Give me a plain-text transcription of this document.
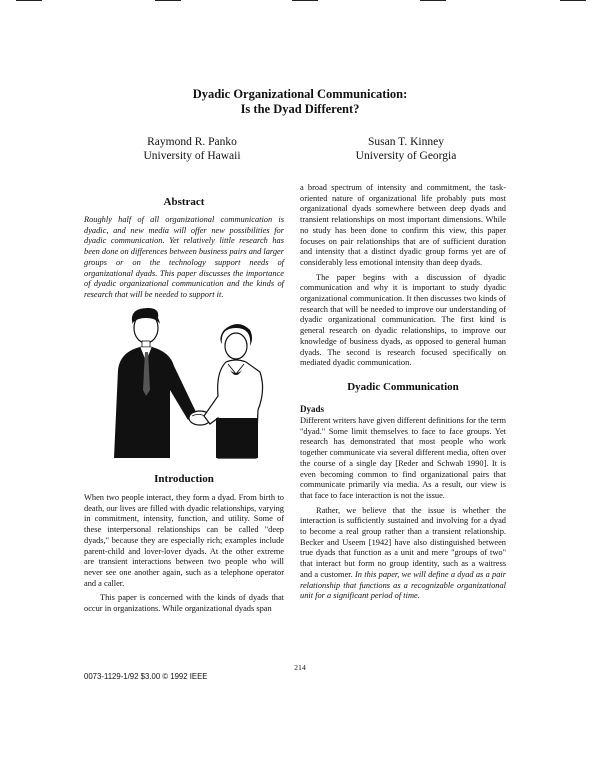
Dyadic Organizational Communication:
Is the Dyad Different?
Raymond R. Panko
University of Hawaii
Susan T. Kinney
University of Georgia
Abstract

Roughly half of all organizational communication is dyadic, and new media will offer new possibilities for dyadic communication. Yet relatively little research has been done on differences between business pairs and larger groups or on the technology support needs of organizational dyads. This paper discusses the importance of dyadic organizational communication and the kinds of research that will be needed to support it.

Introduction

When two people interact, they form a dyad. From birth to death, our lives are filled with dyadic relationships, varying in commitment, intensity, function, and utility. Some of these interpersonal relationships can be called "deep dyads," because they are especially rich; examples include parent-child and lover-lover dyads. At the other extreme are transient interactions between two people who will never see one another again, such as a telephone operator and a caller.

This paper is concerned with the kinds of dyads that occur in organizations. While organizational dyads span

a broad spectrum of intensity and commitment, the task-oriented nature of organizational life probably puts most organizational dyads somewhere between deep dyads and transient relationships on most important dimensions. While no study has been done to confirm this view, this paper focuses on pair relationships that are of sufficient duration and intensity that a distinct dyadic group forms yet are of considerably less emotional intensity than deep dyads.

The paper begins with a discussion of dyadic communication and why it is important to study dyadic organizational communication. It then discusses two kinds of research that will be needed to improve our understanding of dyadic organizational communication. The first kind is general research on dyadic relationships, to improve our knowledge of business dyads, as opposed to general human dyads. The second is research focused specifically on mediated dyadic communication.

Dyadic Communication
Dyads

Different writers have given different definitions for the term "dyad." Some limit themselves to face to face groups. Yet research has demonstrated that most people who work together communicate via several different media, often over the course of a single day [Reder and Schwab 1990]. It is even becoming common to find organizational pairs that communicate primarily via media. As a result, our view is that face to face interaction is not the issue.

Rather, we believe that the issue is whether the interaction is sufficiently sustained and involving for a dyad to become a real group rather than a transient relationship. Becker and Useem [1942] have also distinguished between true dyads that function as a unit and mere "groups of two" that interact but form no group identity, such as a waitress and a customer. In this paper, we will define a dyad as a pair relationship that functions as a recognizable organizational unit for a significant period of time.

214
0073-1129-1/92 $3.00 © 1992 IEEE
